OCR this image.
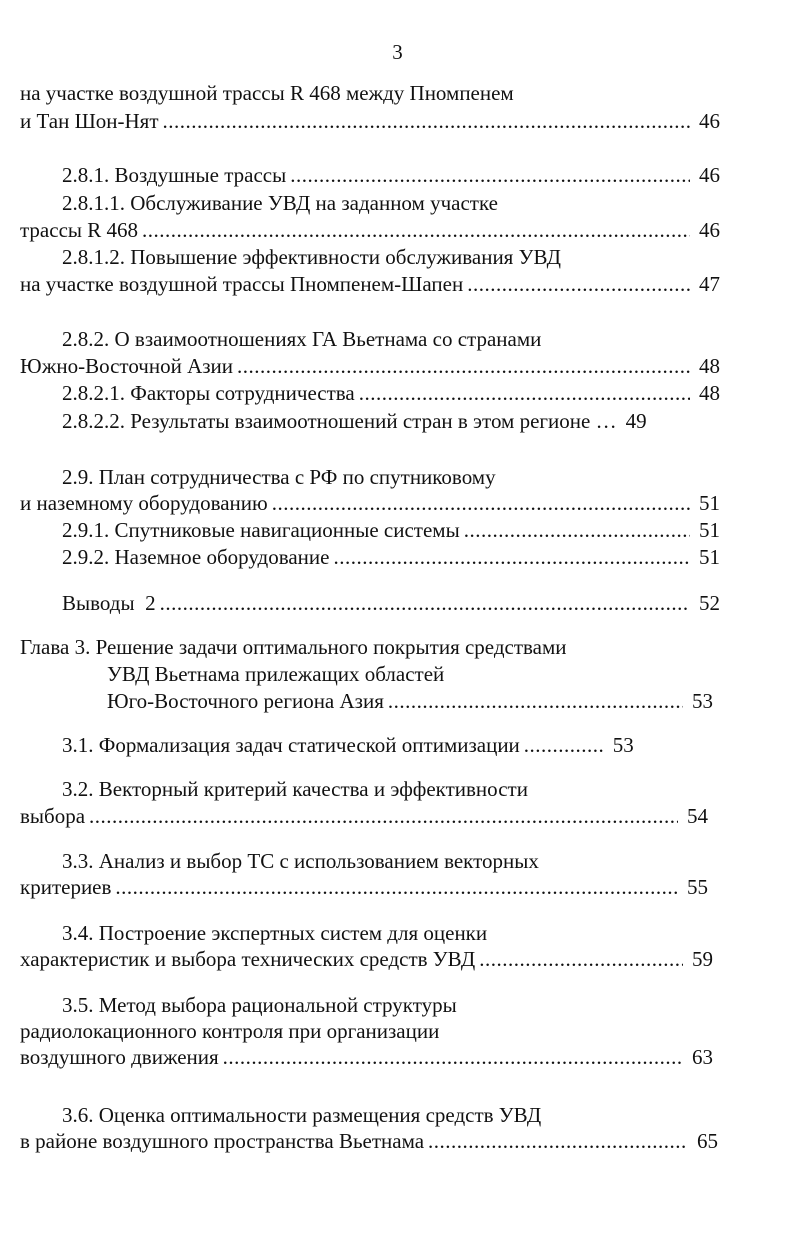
3
на участке воздушной трассы R 468 между Пномпенем
и Тан Шон-Нят .....	46
2.8.1. Воздушные трассы .....	46
2.8.1.1. Обслуживание УВД на заданном участке
трассы R 468 .....	46
2.8.1.2. Повышение эффективности обслуживания УВД
на участке воздушной трассы Пномпенем-Шапен .....	47
2.8.2. О взаимоотношениях ГА Вьетнама со странами
Южно-Восточной Азии .....	48
2.8.2.1. Факторы сотрудничества .....	48
2.8.2.2. Результаты взаимоотношений стран в этом регионе … 49
2.9. План сотрудничества с РФ по спутниковому
и наземному оборудованию .....	51
2.9.1. Спутниковые навигационные системы .....	51
2.9.2. Наземное оборудование .....	51
Выводы  2 .....	52
Глава 3. Решение задачи оптимального покрытия средствами
УВД Вьетнама прилежащих областей
Юго-Восточного региона Азия .....	53
3.1. Формализация задач статической оптимизации .....	53
3.2. Векторный критерий качества и эффективности
выбора .....	54
3.3. Анализ и выбор ТС с использованием векторных
критериев .....	55
3.4. Построение экспертных систем для оценки
характеристик и выбора технических средств УВД .....	59
3.5. Метод выбора рациональной структуры
радиолокационного контроля при организации
воздушного движения .....	63
3.6. Оценка оптимальности размещения средств УВД
в районе воздушного пространства Вьетнама .....	65
